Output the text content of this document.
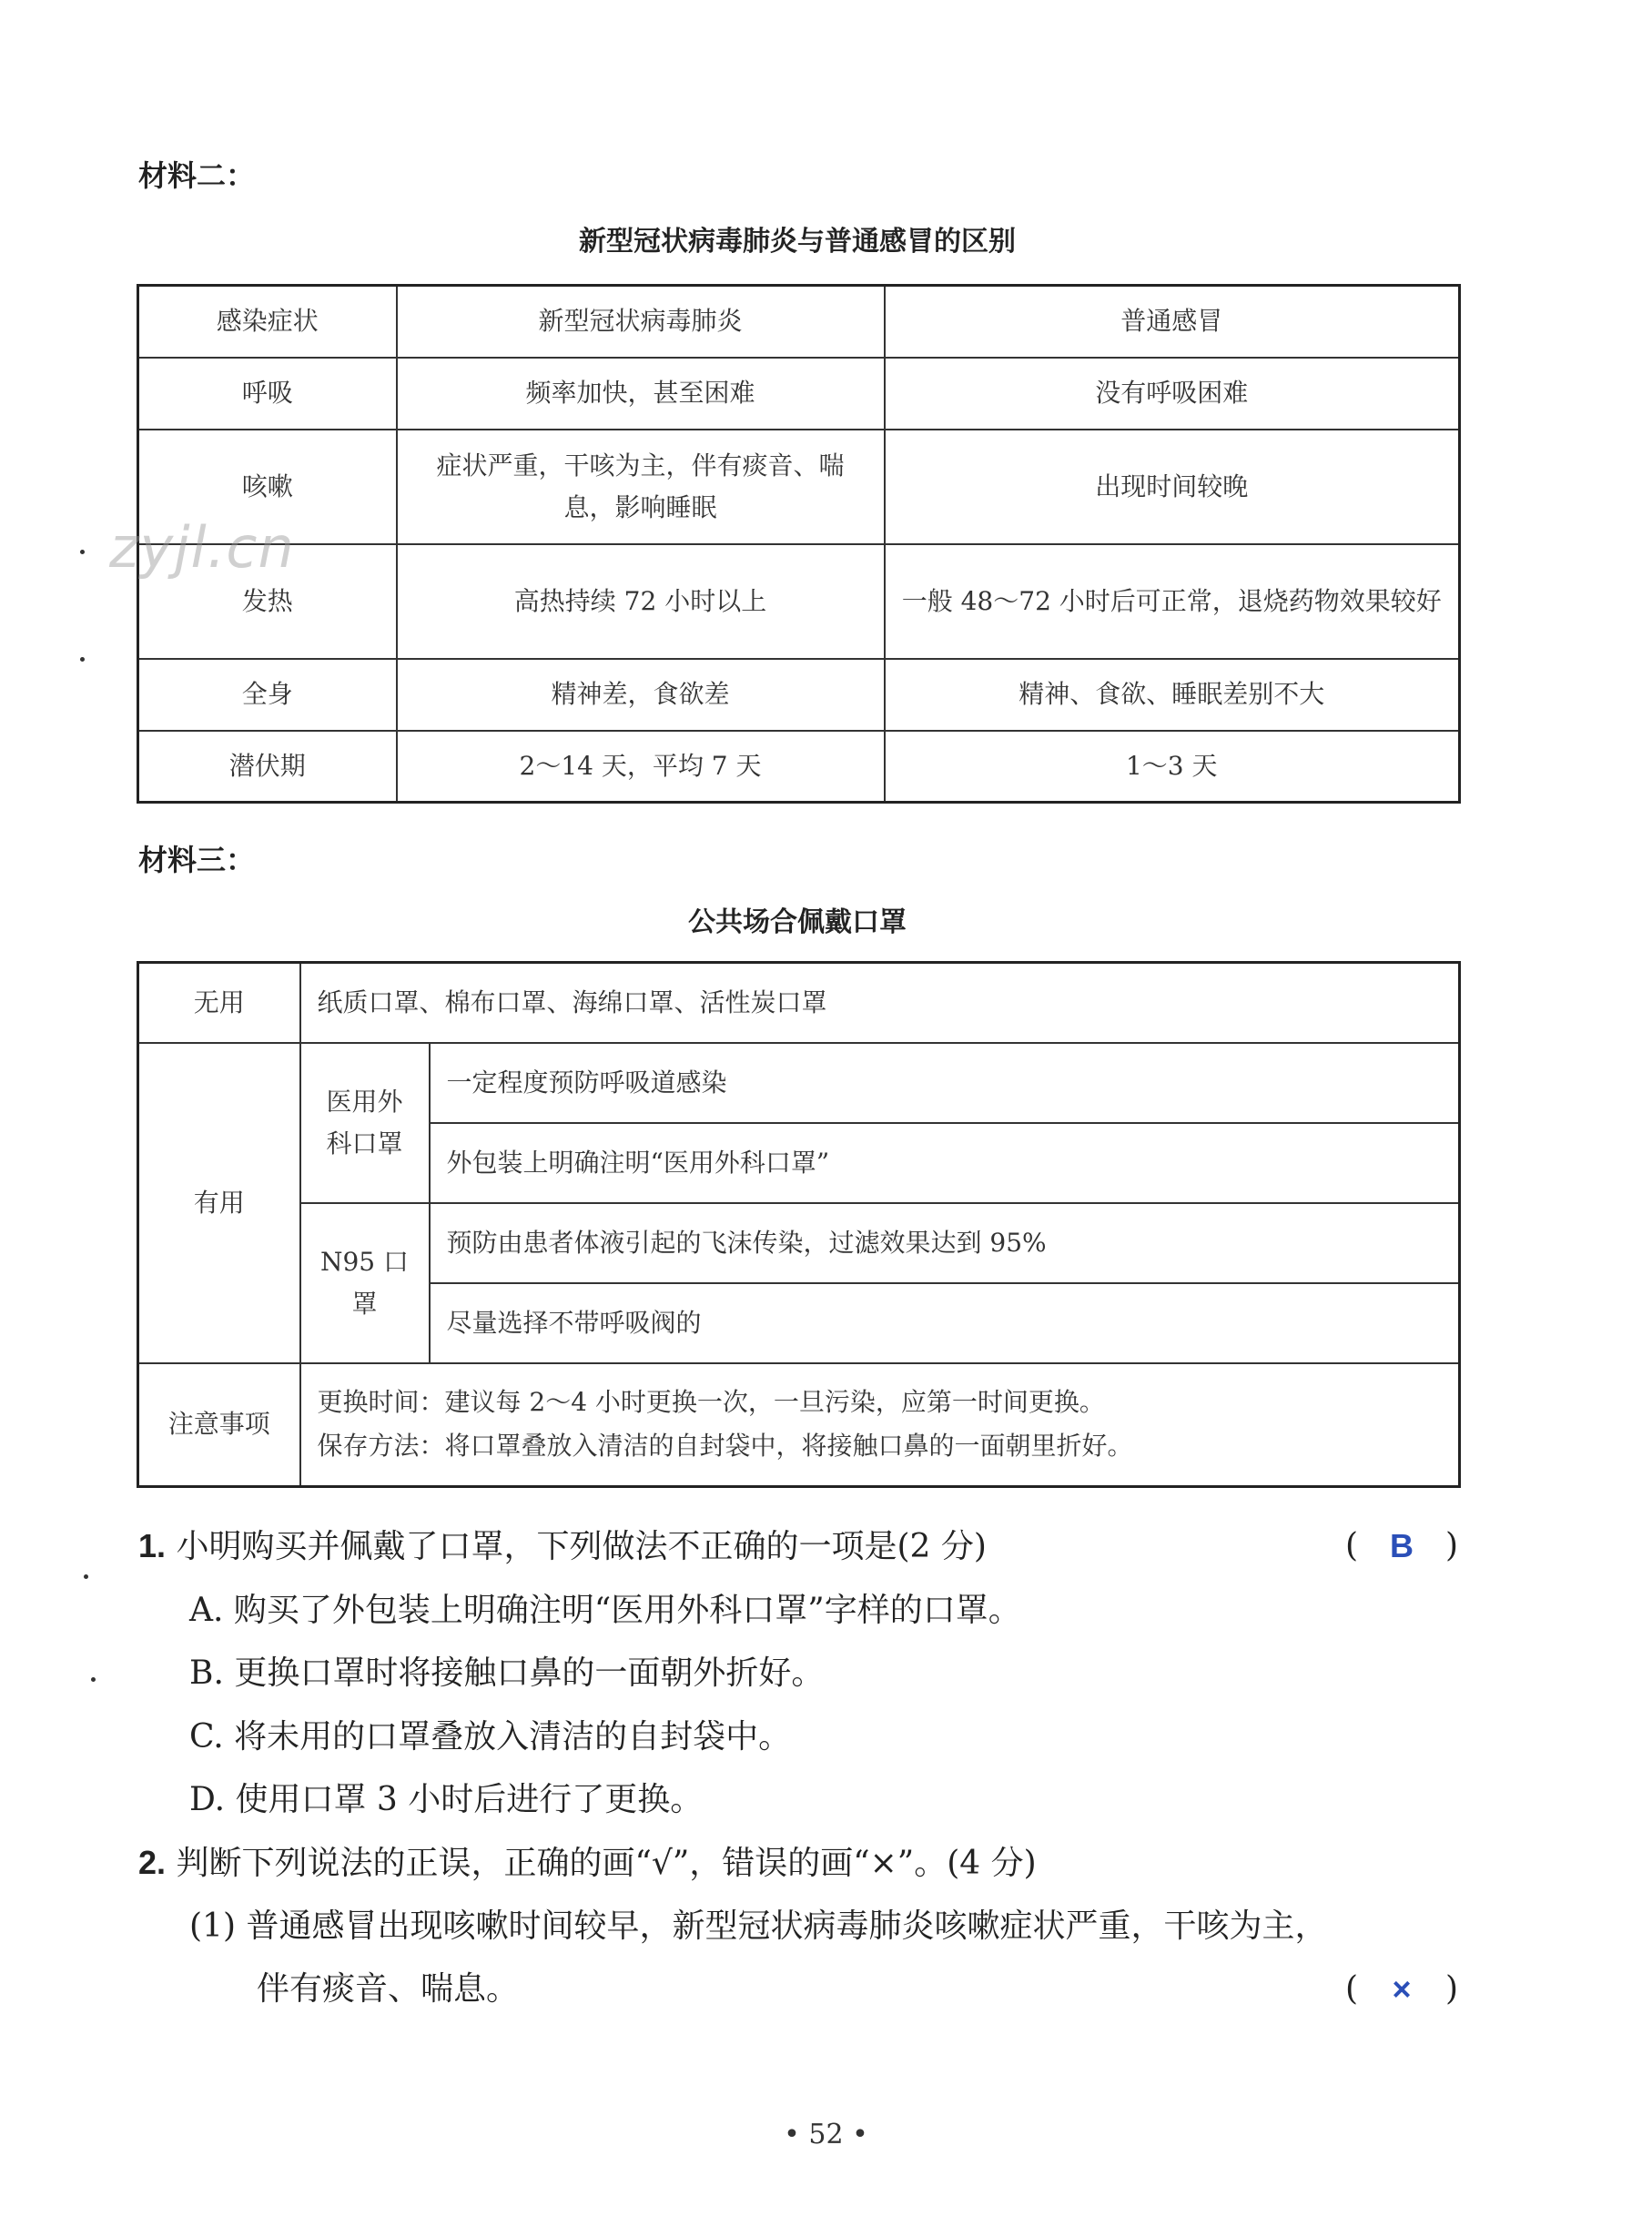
材料二：
新型冠状病毒肺炎与普通感冒的区别
感染症状	新型冠状病毒肺炎	普通感冒
呼吸	频率加快，甚至困难	没有呼吸困难
咳嗽	症状严重，干咳为主，伴有痰音、喘息，影响睡眠	出现时间较晚
发热	高热持续 72 小时以上	一般 48～72 小时后可正常，退烧药物效果较好
全身	精神差，食欲差	精神、食欲、睡眠差别不大
潜伏期	2～14 天，平均 7 天	1～3 天
zyjl.cn
材料三：
公共场合佩戴口罩
无用	纸质口罩、棉布口罩、海绵口罩、活性炭口罩	
有用	医用外科口罩	一定程度预防呼吸道感染
		外包装上明确注明“医用外科口罩”
	N95 口罩	预防由患者体液引起的飞沫传染，过滤效果达到 95%
		尽量选择不带呼吸阀的
注意事项	更换时间：建议每 2～4 小时更换一次，一旦污染，应第一时间更换。
保存方法：将口罩叠放入清洁的自封袋中，将接触口鼻的一面朝里折好。	
1. 小明购买并佩戴了口罩，下列做法不正确的一项是(2 分)	( B )
A. 购买了外包装上明确注明“医用外科口罩”字样的口罩。
B. 更换口罩时将接触口鼻的一面朝外折好。
C. 将未用的口罩叠放入清洁的自封袋中。
D. 使用口罩 3 小时后进行了更换。
2. 判断下列说法的正误，正确的画“√”，错误的画“×”。(4 分)
(1) 普通感冒出现咳嗽时间较早，新型冠状病毒肺炎咳嗽症状严重，干咳为主，
伴有痰音、喘息。	( × )
• 52 •
